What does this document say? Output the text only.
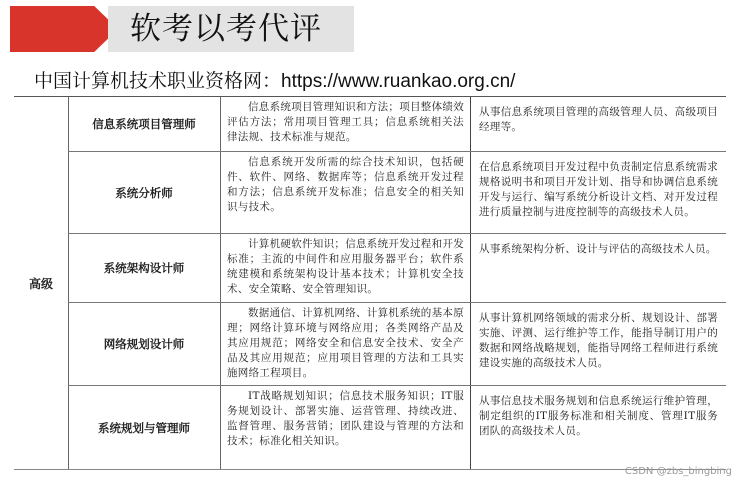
软考以考代评
中国计算机技术职业资格网：https://www.ruankao.org.cn/
高级
信息系统项目管理师
信息系统项目管理知识和方法；项目整体绩效评估方法；常用项目管理工具；信息系统相关法律法规、技术标准与规范。
从事信息系统项目管理的高级管理人员、高级项目经理等。
系统分析师
信息系统开发所需的综合技术知识，包括硬件、软件、网络、数据库等；信息系统开发过程和方法；信息系统开发标准；信息安全的相关知识与技术。
在信息系统项目开发过程中负责制定信息系统需求规格说明书和项目开发计划、指导和协调信息系统开发与运行、编写系统分析设计文档、对开发过程进行质量控制与进度控制等的高级技术人员。
系统架构设计师
计算机硬软件知识；信息系统开发过程和开发标准；主流的中间件和应用服务器平台；软件系统建模和系统架构设计基本技术；计算机安全技术、安全策略、安全管理知识。
从事系统架构分析、设计与评估的高级技术人员。
网络规划设计师
数据通信、计算机网络、计算机系统的基本原理；网络计算环境与网络应用；各类网络产品及其应用规范；网络安全和信息安全技术、安全产品及其应用规范；应用项目管理的方法和工具实施网络工程项目。
从事计算机网络领域的需求分析、规划设计、部署实施、评测、运行维护等工作，能指导制订用户的数据和网络战略规划，能指导网络工程师进行系统建设实施的高级技术人员。
系统规划与管理师
IT战略规划知识；信息技术服务知识；IT服务规划设计、部署实施、运营管理、持续改进、监督管理、服务营销；团队建设与管理的方法和技术；标准化相关知识。
从事信息技术服务规划和信息系统运行维护管理，制定组织的IT服务标准和相关制度、管理IT服务团队的高级技术人员。
CSDN @zbs_bingbing
